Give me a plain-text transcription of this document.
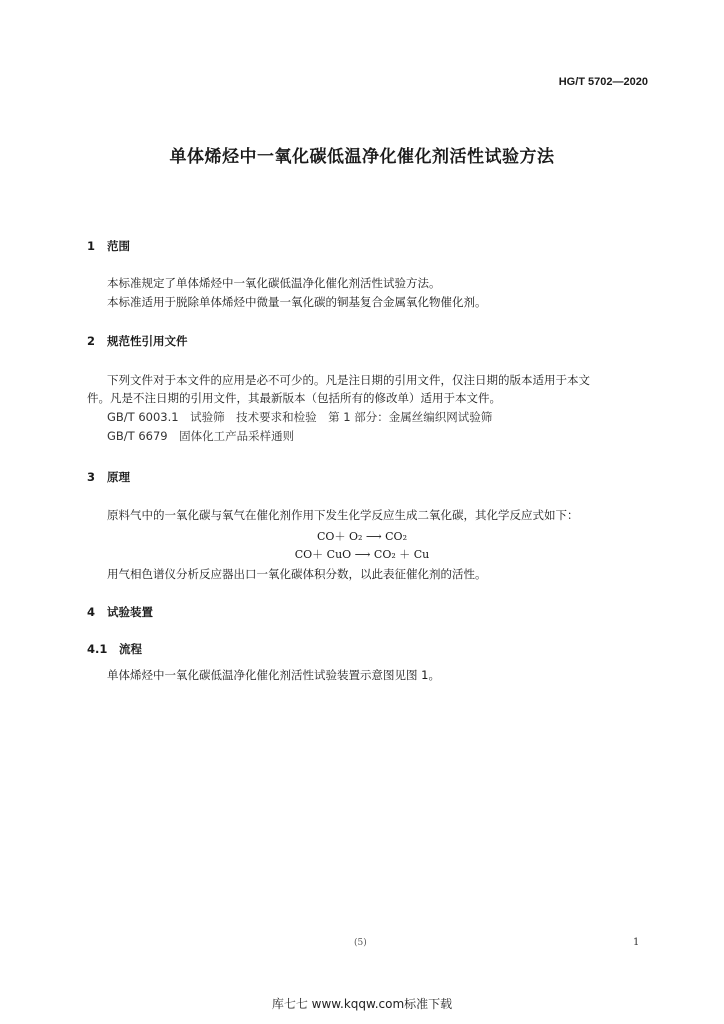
HG/T 5702—2020
单体烯烃中一氧化碳低温净化催化剂活性试验方法
1 范围
本标准规定了单体烯烃中一氧化碳低温净化催化剂活性试验方法。
本标准适用于脱除单体烯烃中微量一氧化碳的铜基复合金属氧化物催化剂。
2 规范性引用文件
下列文件对于本文件的应用是必不可少的。凡是注日期的引用文件，仅注日期的版本适用于本文
件。凡是不注日期的引用文件，其最新版本（包括所有的修改单）适用于本文件。
GB/T 6003.1　试验筛　技术要求和检验　第 1 部分：金属丝编织网试验筛
GB/T 6679　固体化工产品采样通则
3 原理
原料气中的一氧化碳与氧气在催化剂作用下发生化学反应生成二氧化碳，其化学反应式如下：
CO＋ O₂ ⟶ CO₂
CO＋ CuO ⟶ CO₂ ＋ Cu
用气相色谱仪分析反应器出口一氧化碳体积分数，以此表征催化剂的活性。
4 试验装置
4.1 流程
单体烯烃中一氧化碳低温净化催化剂活性试验装置示意图见图 1。
(5)	1
库七七 www.kqqw.com标准下载
